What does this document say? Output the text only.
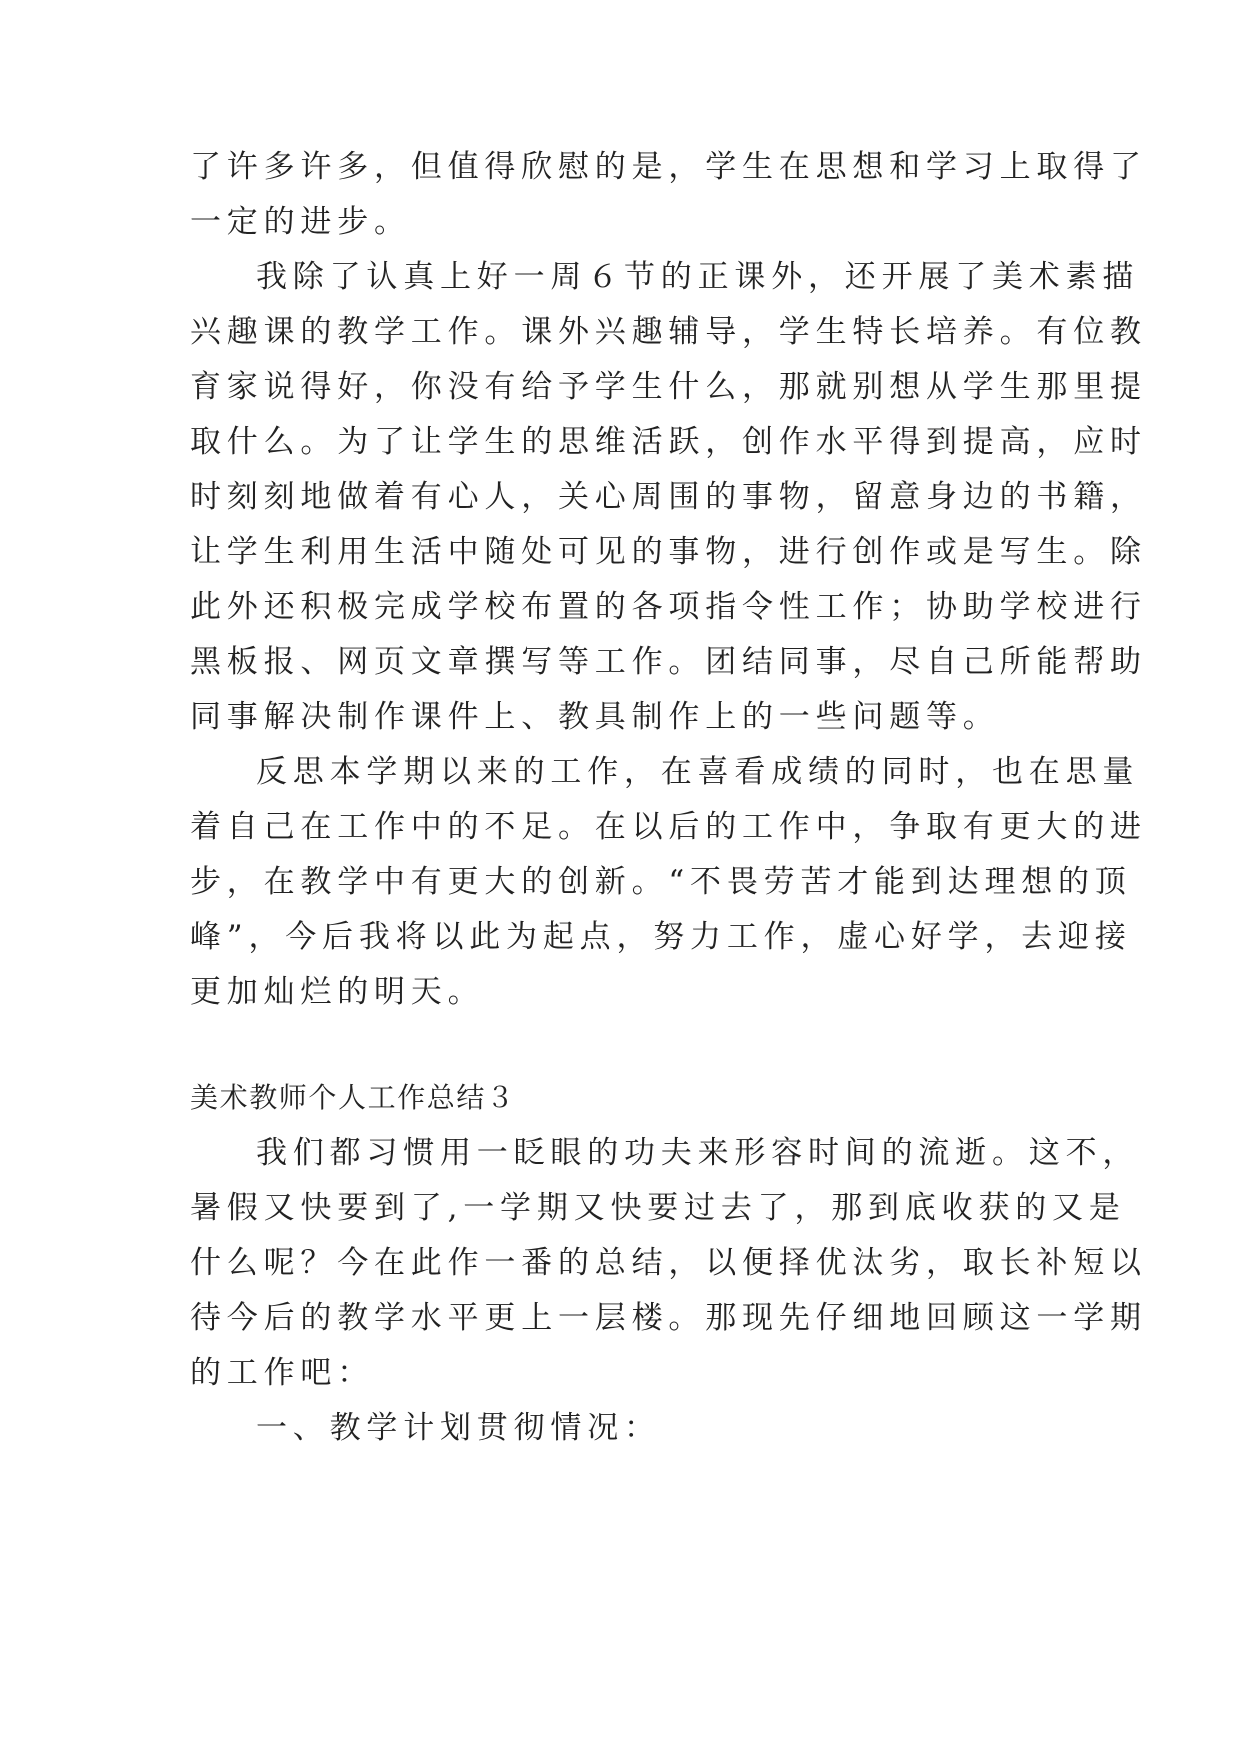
了许多许多，但值得欣慰的是，学生在思想和学习上取得了
一定的进步。
我除了认真上好一周６节的正课外，还开展了美术素描
兴趣课的教学工作。课外兴趣辅导，学生特长培养。有位教
育家说得好，你没有给予学生什么，那就别想从学生那里提
取什么。为了让学生的思维活跃，创作水平得到提高，应时
时刻刻地做着有心人，关心周围的事物，留意身边的书籍，
让学生利用生活中随处可见的事物，进行创作或是写生。除
此外还积极完成学校布置的各项指令性工作；协助学校进行
黑板报、网页文章撰写等工作。团结同事，尽自己所能帮助
同事解决制作课件上、教具制作上的一些问题等。
反思本学期以来的工作，在喜看成绩的同时，也在思量
着自己在工作中的不足。在以后的工作中，争取有更大的进
步，在教学中有更大的创新。“不畏劳苦才能到达理想的顶
峰”，今后我将以此为起点，努力工作，虚心好学，去迎接
更加灿烂的明天。
美术教师个人工作总结３
我们都习惯用一眨眼的功夫来形容时间的流逝。这不，
暑假又快要到了,一学期又快要过去了，那到底收获的又是
什么呢？今在此作一番的总结，以便择优汰劣，取长补短以
待今后的教学水平更上一层楼。那现先仔细地回顾这一学期
的工作吧：
一、教学计划贯彻情况：
